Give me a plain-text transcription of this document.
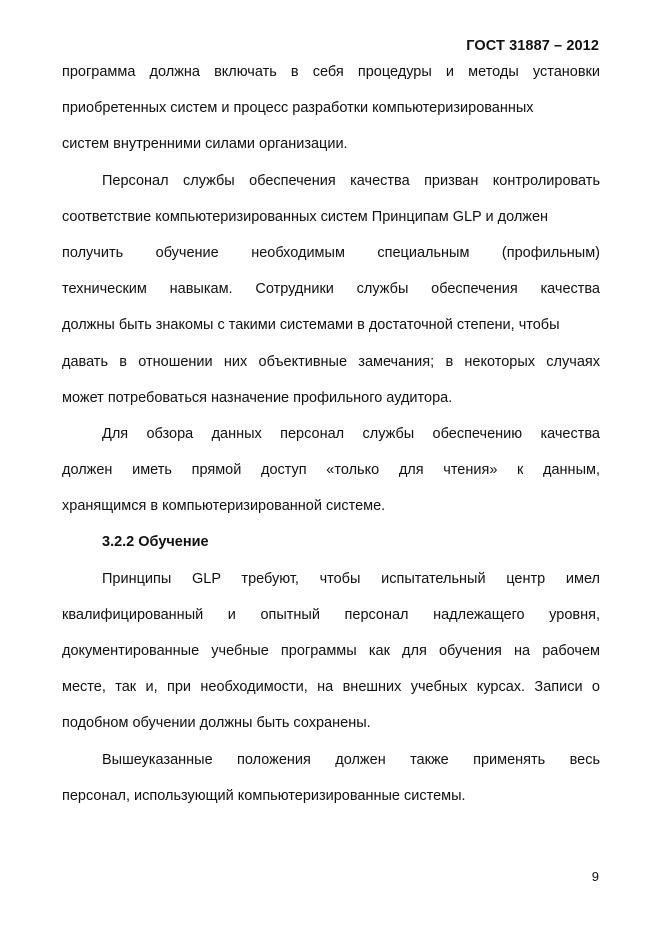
ГОСТ 31887 – 2012
программа должна включать в себя процедуры и методы установки
приобретенных систем и процесс разработки компьютеризированных
систем внутренними силами организации.
Персонал службы обеспечения качества призван контролировать
соответствие компьютеризированных систем Принципам GLP и должен
получить обучение необходимым специальным (профильным)
техническим навыкам. Сотрудники службы обеспечения качества
должны быть знакомы с такими системами в достаточной степени, чтобы
давать в отношении них объективные замечания; в некоторых случаях
может потребоваться назначение профильного аудитора.
Для обзора данных персонал службы обеспечению качества
должен иметь прямой доступ «только для чтения» к данным,
хранящимся в компьютеризированной системе.
3.2.2 Обучение
Принципы GLP требуют, чтобы испытательный центр имел
квалифицированный и опытный персонал надлежащего уровня,
документированные учебные программы как для обучения на рабочем
месте, так и, при необходимости, на внешних учебных курсах. Записи о
подобном обучении должны быть сохранены.
Вышеуказанные положения должен также применять весь
персонал, использующий компьютеризированные системы.
9
